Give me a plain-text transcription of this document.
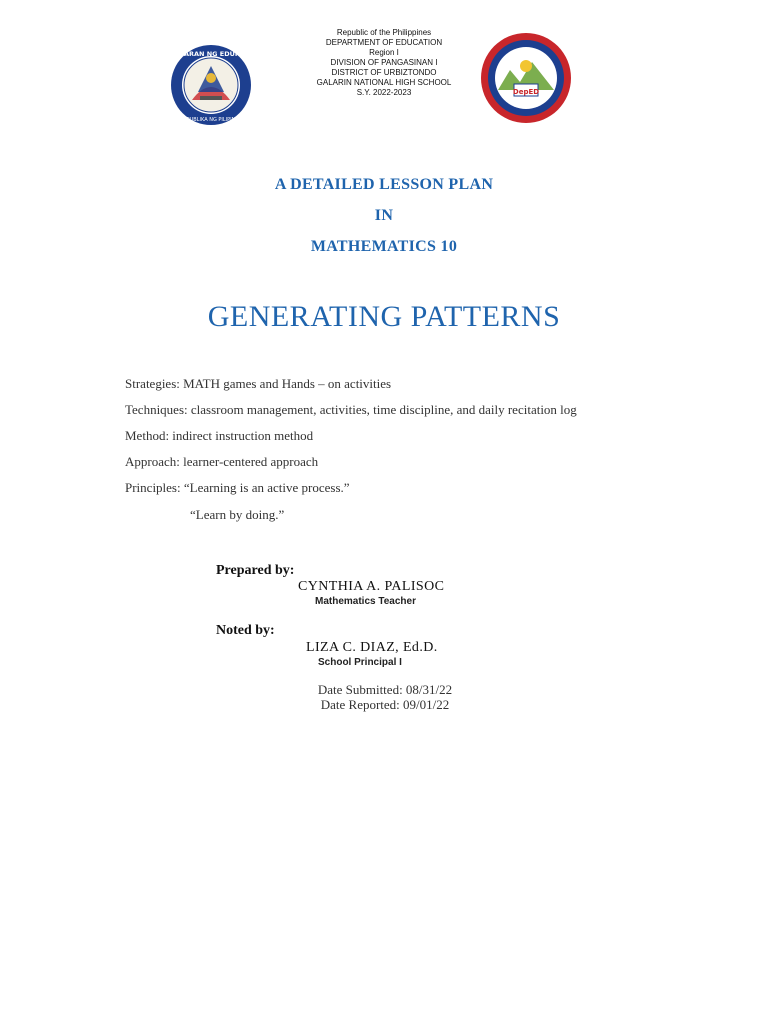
KAGAWARAN NG EDUKASYON
REPUBLIKA NG PILIPINAS
Republic of the Philippines
DEPARTMENT OF EDUCATION
Region I
DIVISION OF PANGASINAN I
DISTRICT OF URBIZTONDO
GALARIN NATIONAL HIGH SCHOOL
S.Y. 2022-2023	DepED
A DETAILED LESSON PLAN
IN
MATHEMATICS 10
GENERATING PATTERNS
Strategies: MATH games and Hands – on activities
Techniques: classroom management, activities, time discipline, and daily recitation log
Method: indirect instruction method
Approach: learner-centered approach
Principles: “Learning is an active process.”
“Learn by doing.”
Prepared by:
CYNTHIA A. PALISOC
Mathematics Teacher
Noted by:
LIZA C. DIAZ, Ed.D.
School Principal I
Date Submitted: 08/31/22
Date Reported: 09/01/22
